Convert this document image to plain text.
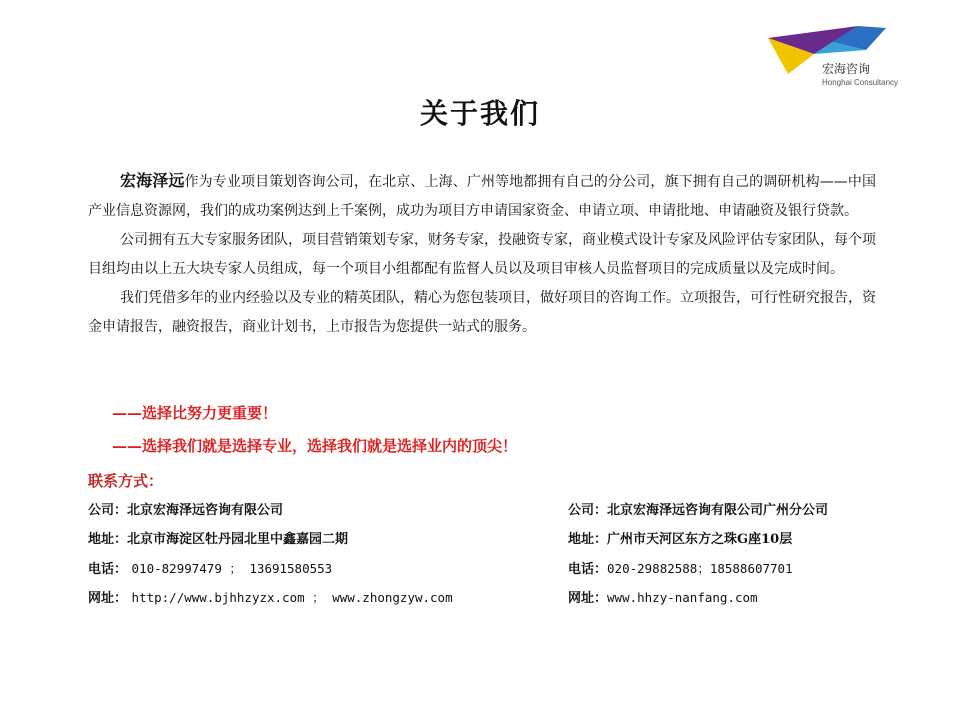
宏海咨询
Honghai Consultancy
关于我们

宏海泽远作为专业项目策划咨询公司，在北京、上海、广州等地都拥有自己的分公司，旗下拥有自己的调研机构——中国产业信息资源网，我们的成功案例达到上千案例，成功为项目方申请国家资金、申请立项、申请批地、申请融资及银行贷款。

公司拥有五大专家服务团队，项目营销策划专家，财务专家，投融资专家，商业模式设计专家及风险评估专家团队，每个项目组均由以上五大块专家人员组成，每一个项目小组都配有监督人员以及项目审核人员监督项目的完成质量以及完成时间。

我们凭借多年的业内经验以及专业的精英团队，精心为您包装项目，做好项目的咨询工作。立项报告，可行性研究报告，资金申请报告，融资报告，商业计划书，上市报告为您提供一站式的服务。

——选择比努力更重要！
——选择我们就是选择专业，选择我们就是选择业内的顶尖！
联系方式：
公司：北京宏海泽远咨询有限公司
地址：北京市海淀区牡丹园北里中鑫嘉园二期
电话： 010-82997479 ； 13691580553
网址： http://www.bjhhzyzx.com ； www.zhongzyw.com
公司：北京宏海泽远咨询有限公司广州分公司
地址：广州市天河区东方之珠G座10层
电话：020-29882588；18588607701
网址：www.hhzy-nanfang.com
